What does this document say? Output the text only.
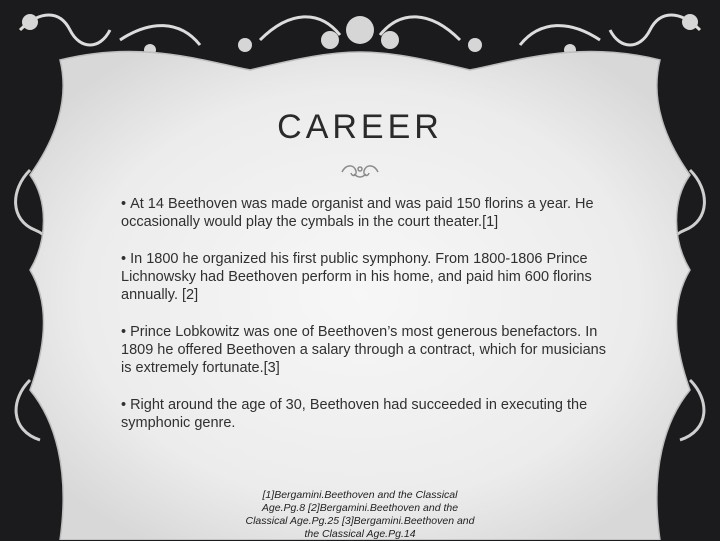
CAREER
• At 14 Beethoven was made organist and was paid 150 florins a year. He occasionally would play the cymbals in the court theater.[1]
• In 1800 he organized his first public symphony. From 1800-1806 Prince Lichnowsky had Beethoven perform in his home, and paid him 600 florins annually. [2]
• Prince Lobkowitz was one of Beethoven’s most generous benefactors. In 1809 he offered Beethoven a salary through a contract, which for musicians is extremely fortunate.[3]
• Right around the age of 30, Beethoven had succeeded in executing the symphonic genre.
[1]Bergamini.Beethoven and the Classical Age.Pg.8 [2]Bergamini.Beethoven and the Classical Age.Pg.25 [3]Bergamini.Beethoven and the Classical Age.Pg.14
